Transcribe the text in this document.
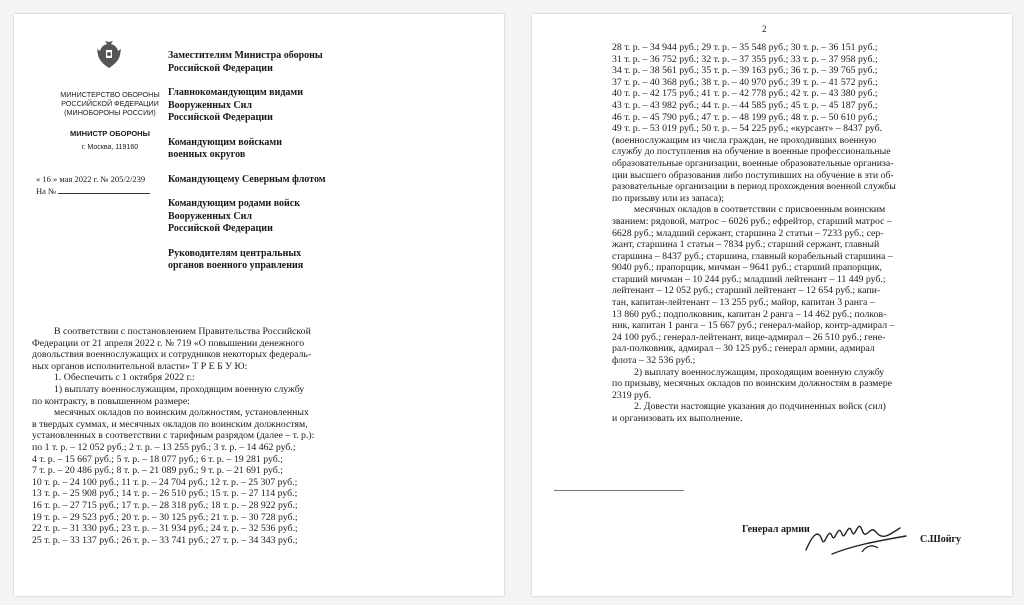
МИНИСТЕРСТВО ОБОРОНЫ
РОССИЙСКОЙ ФЕДЕРАЦИИ
(МИНОБОРОНЫ РОССИИ)
МИНИСТР ОБОРОНЫ
г. Москва, 119160
« 16 » мая 2022 г. № 205/2/239
На №
Заместителям Министра обороны
Российской Федерации
Главнокомандующим видами
Вооруженных Сил
Российской Федерации
Командующим войсками
военных округов
Командующему Северным флотом
Командующим родами войск
Вооруженных Сил
Российской Федерации
Руководителям центральных
органов военного управления
В соответствии с постановлением Правительства Российской
Федерации от 21 апреля 2022 г. № 719 «О повышении денежного
довольствия военнослужащих и сотрудников некоторых федераль-
ных органов исполнительной власти» Т Р Е Б У Ю:
1. Обеспечить с 1 октября 2022 г.:
1) выплату военнослужащим, проходящим военную службу
по контракту, в повышенном размере:
месячных окладов по воинским должностям, установленных
в твердых суммах, и месячных окладов по воинским должностям,
установленных в соответствии с тарифным разрядом (далее – т. р.):
по 1 т. р. – 12 052 руб.; 2 т. р. – 13 255 руб.; 3 т. р. – 14 462 руб.;
4 т. р. – 15 667 руб.; 5 т. р. – 18 077 руб.; 6 т. р. – 19 281 руб.;
7 т. р. – 20 486 руб.; 8 т. р. – 21 089 руб.; 9 т. р. – 21 691 руб.;
10 т. р. – 24 100 руб.; 11 т. р. – 24 704 руб.; 12 т. р. – 25 307 руб.;
13 т. р. – 25 908 руб.; 14 т. р. – 26 510 руб.; 15 т. р. – 27 114 руб.;
16 т. р. – 27 715 руб.; 17 т. р. – 28 318 руб.; 18 т. р. – 28 922 руб.;
19 т. р. – 29 523 руб.; 20 т. р. – 30 125 руб.; 21 т. р. – 30 728 руб.;
22 т. р. – 31 330 руб.; 23 т. р. – 31 934 руб.; 24 т. р. – 32 536 руб.;
25 т. р. – 33 137 руб.; 26 т. р. – 33 741 руб.; 27 т. р. – 34 343 руб.;
2
28 т. р. – 34 944 руб.; 29 т. р. – 35 548 руб.; 30 т. р. – 36 151 руб.;
31 т. р. – 36 752 руб.; 32 т. р. – 37 355 руб.; 33 т. р. – 37 958 руб.;
34 т. р. – 38 561 руб.; 35 т. р. – 39 163 руб.; 36 т. р. – 39 765 руб.;
37 т. р. – 40 368 руб.; 38 т. р. – 40 970 руб.; 39 т. р. – 41 572 руб.;
40 т. р. – 42 175 руб.; 41 т. р. – 42 778 руб.; 42 т. р. – 43 380 руб.;
43 т. р. – 43 982 руб.; 44 т. р. – 44 585 руб.; 45 т. р. – 45 187 руб.;
46 т. р. – 45 790 руб.; 47 т. р. – 48 199 руб.; 48 т. р. – 50 610 руб.;
49 т. р. – 53 019 руб.; 50 т. р. – 54 225 руб.; «курсант» – 8437 руб.
(военнослужащим из числа граждан, не проходивших военную
службу до поступления на обучение в военные профессиональные
образовательные организации, военные образовательные организа-
ции высшего образования либо поступивших на обучение в эти об-
разовательные организации в период прохождения военной службы
по призыву или из запаса);
месячных окладов в соответствии с присвоенным воинским
званием: рядовой, матрос – 6026 руб.; ефрейтор, старший матрос –
6628 руб.; младший сержант, старшина 2 статьи – 7233 руб.; сер-
жант, старшина 1 статьи – 7834 руб.; старший сержант, главный
старшина – 8437 руб.; старшина, главный корабельный старшина –
9040 руб.; прапорщик, мичман – 9641 руб.; старший прапорщик,
старший мичман – 10 244 руб.; младший лейтенант – 11 449 руб.;
лейтенант – 12 052 руб.; старший лейтенант – 12 654 руб.; капи-
тан, капитан-лейтенант – 13 255 руб.; майор, капитан 3 ранга –
13 860 руб.; подполковник, капитан 2 ранга – 14 462 руб.; полков-
ник, капитан 1 ранга – 15 667 руб.; генерал-майор, контр-адмирал –
24 100 руб.; генерал-лейтенант, вице-адмирал – 26 510 руб.; гене-
рал-полковник, адмирал – 30 125 руб.; генерал армии, адмирал
флота – 32 536 руб.;
2) выплату военнослужащим, проходящим военную службу
по призыву, месячных окладов по воинским должностям в размере
2319 руб.
2. Довести настоящие указания до подчиненных войск (сил)
и организовать их выполнение.
Генерал армии
С.Шойгу
